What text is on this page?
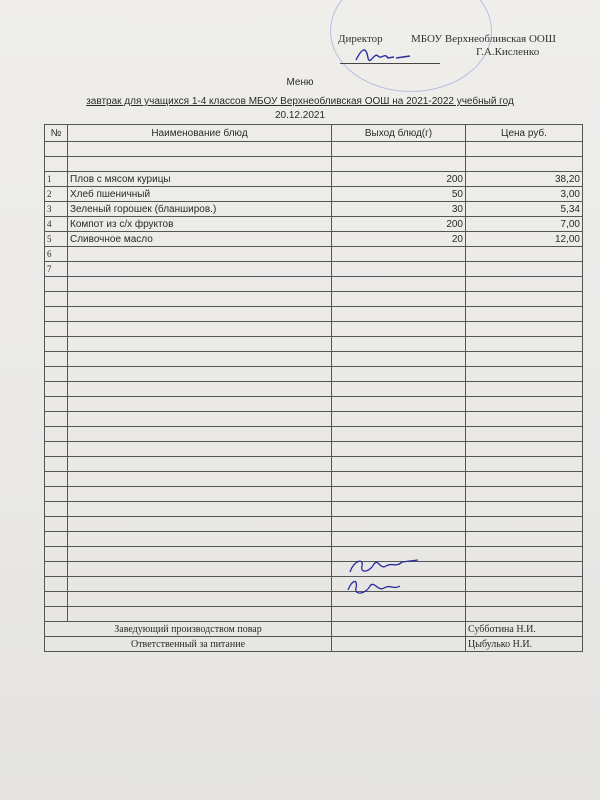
Директор	МБОУ Верхнеобливская ООШ
Г.А.Кисленко
Меню
завтрак для учащихся 1-4 классов МБОУ Верхнеобливская ООШ на 2021-2022 учебный год
20.12.2021
№	Наименование блюд	Выход блюд(г)	Цена руб.

1	Плов с мясом курицы	200	38,20
2	Хлеб пшеничный	50	3,00
3	Зеленый горошек (бланширов.)	30	5,34
4	Компот из с/х фруктов	200	7,00
5	Сливочное масло	20	12,00
6			
7			

Заведующий производством повар			Субботина Н.И.
Ответственный за питание			Цыбулько Н.И.
